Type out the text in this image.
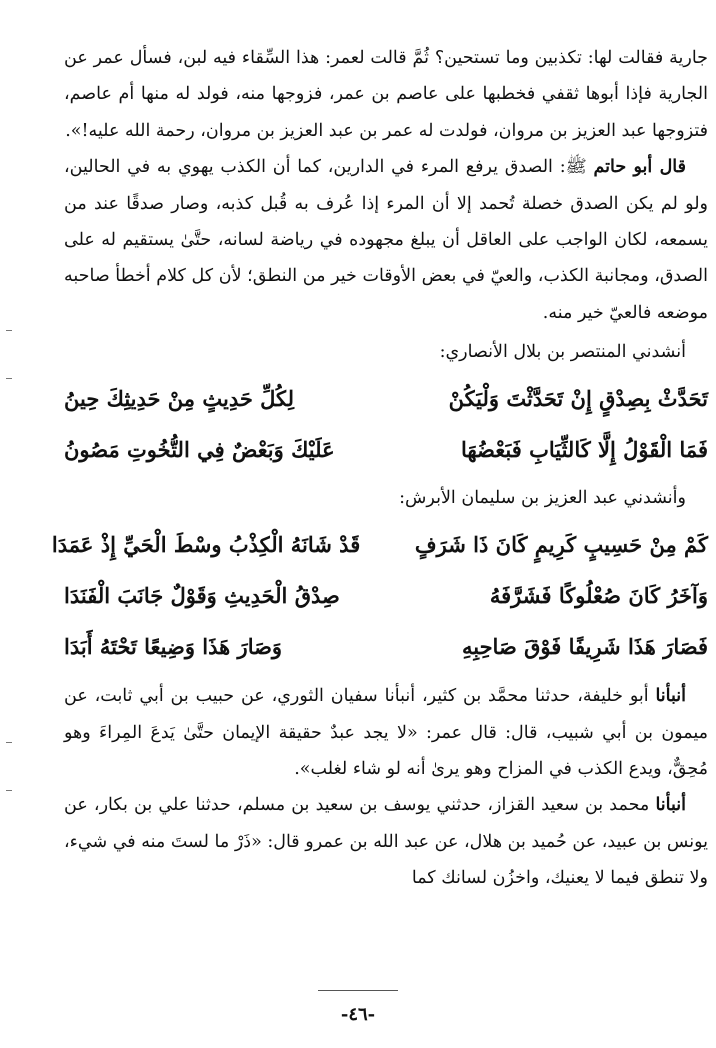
جارية فقالت لها: تكذبين وما تستحين؟ ثُمَّ قالت لعمر: هذا السِّقاء فيه لبن، فسأل عمر عن الجارية فإذا أبوها ثقفي فخطبها على عاصم بن عمر، فزوجها منه، فولد له منها أم عاصم، فتزوجها عبد العزيز بن مروان، فولدت له عمر بن عبد العزيز بن مروان، رحمة الله عليه!».

قال أبو حاتم ﷺ: الصدق يرفع المرء في الدارين، كما أن الكذب يهوي به في الحالين، ولو لم يكن الصدق خصلة تُحمد إلا أن المرء إذا عُرف به قُبل كذبه، وصار صدقًا عند من يسمعه، لكان الواجب على العاقل أن يبلغ مجهوده في رياضة لسانه، حتَّىٰ يستقيم له على الصدق، ومجانبة الكذب، والعيّ في بعض الأوقات خير من النطق؛ لأن كل كلام أخطأ صاحبه موضعه فالعيّ خير منه.

أنشدني المنتصر بن بلال الأنصاري:

تَحَدَّثْ بِصِدْقٍ إِنْ تَحَدَّثْتَ وَلْيَكُنْ
لِكُلِّ حَدِيثٍ مِنْ حَدِيثِكَ حِينُ
فَمَا الْقَوْلُ إِلَّا كَالثِّيَابِ فَبَعْضُهَا
عَلَيْكَ وَبَعْضٌ فِي التُّخُوتِ مَصُونُ

وأنشدني عبد العزيز بن سليمان الأبرش:

كَمْ مِنْ حَسِيبٍ كَرِيمٍ كَانَ ذَا شَرَفٍ
قَدْ شَانَهُ الْكِذْبُ وسْطَ الْحَيِّ إِذْ عَمَدَا
وَآخَرُ كَانَ صُعْلُوكًا فَشَرَّفَهُ
صِدْقُ الْحَدِيثِ وَقَوْلٌ جَانَبَ الْفَنَدَا
فَصَارَ هَذَا شَرِيفًا فَوْقَ صَاحِبِهِ
وَصَارَ هَذَا وَضِيعًا تَحْتَهُ أَبَدَا

أنبأنا أبو خليفة، حدثنا محمَّد بن كثير، أنبأنا سفيان الثوري، عن حبيب بن أبي ثابت، عن ميمون بن أبي شبيب، قال: قال عمر: «لا يجد عبدٌ حقيقة الإيمان حتَّىٰ يَدعَ المِراءَ وهو مُحِقٌّ، ويدع الكذب في المزاح وهو يرىٰ أنه لو شاء لغلب».

أنبأنا محمد بن سعيد القزاز، حدثني يوسف بن سعيد بن مسلم، حدثنا علي بن بكار، عن يونس بن عبيد، عن حُميد بن هلال، عن عبد الله بن عمرو قال: «ذَرْ ما لستَ منه في شيء، ولا تنطق فيما لا يعنيك، واخزُن لسانك كما

-٤٦-
